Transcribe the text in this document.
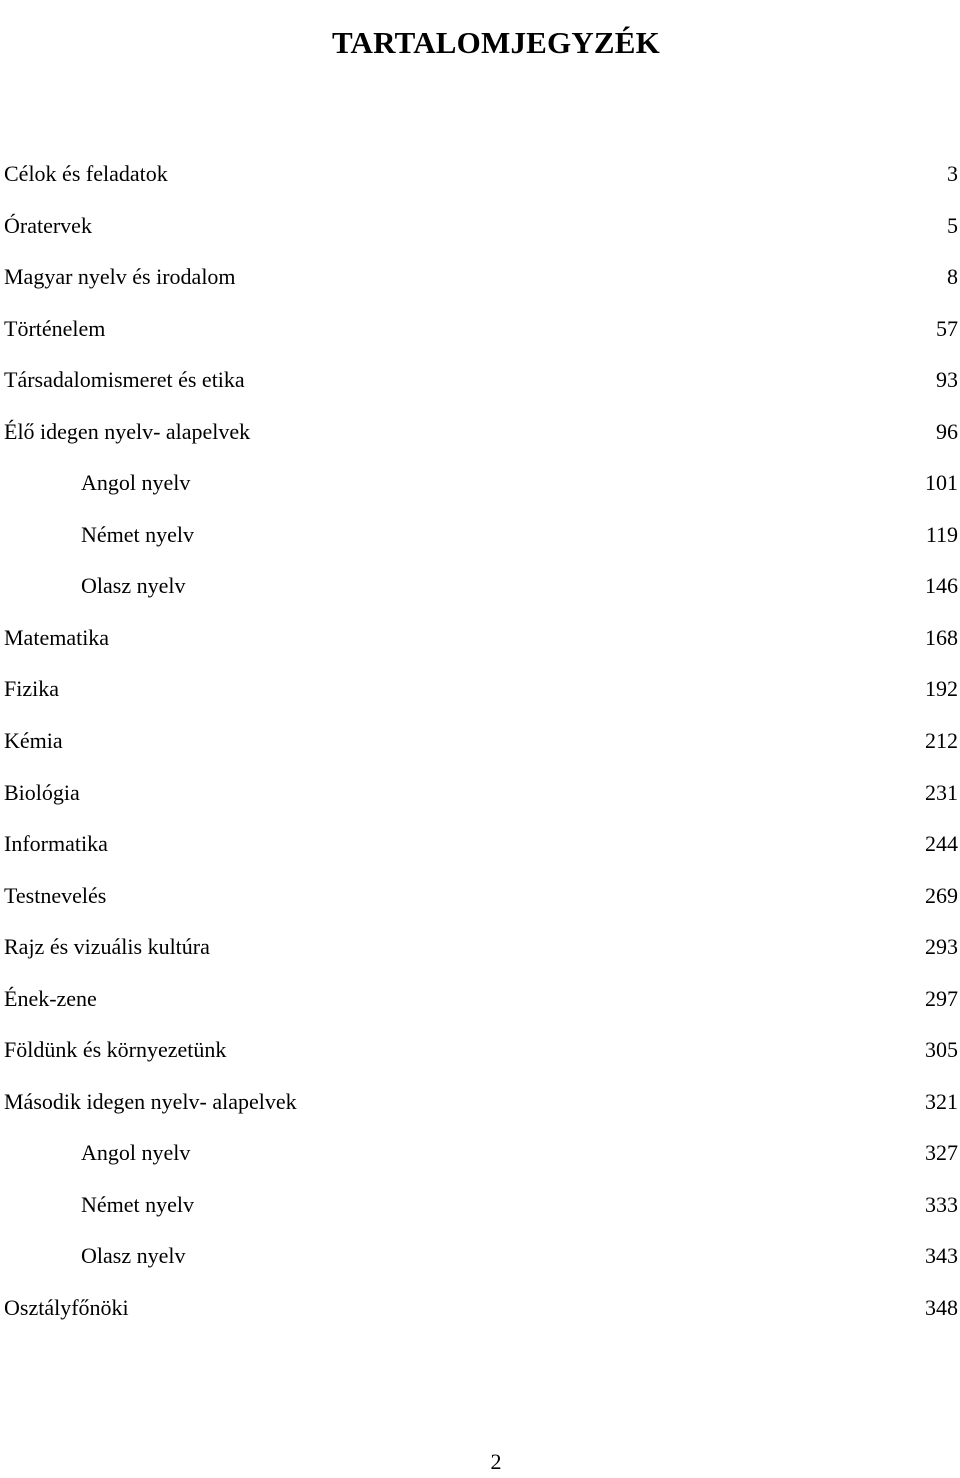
TARTALOMJEGYZÉK
Célok és feladatok	3
Óratervek	5
Magyar nyelv és irodalom	8
Történelem	57
Társadalomismeret és etika	93
Élő idegen nyelv- alapelvek	96
Angol nyelv	101
Német nyelv	119
Olasz nyelv	146
Matematika	168
Fizika	192
Kémia	212
Biológia	231
Informatika	244
Testnevelés	269
Rajz és vizuális kultúra	293
Ének-zene	297
Földünk és környezetünk	305
Második idegen nyelv- alapelvek	321
Angol nyelv	327
Német nyelv	333
Olasz nyelv	343
Osztályfőnöki	348
2
